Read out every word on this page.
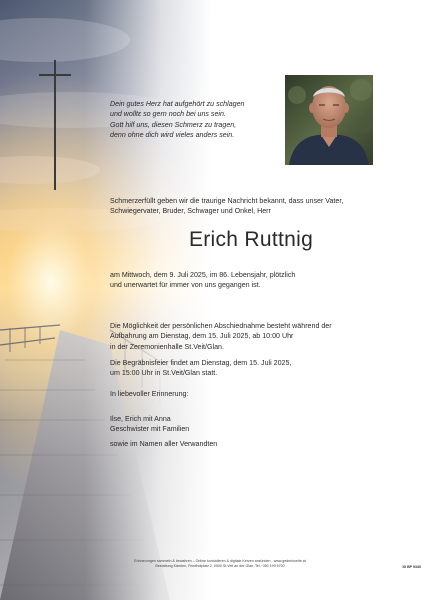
Dein gutes Herz hat aufgehört zu schlagen
und wolltε so gern noch bei uns sein.
Gott hilf uns, diesen Schmerz zu tragen,
denn ohne dich wird vieles anders sein.
Schmerzerfüllt geben wir die traurige Nachricht bekannt, dass unser Vater,
Schwiegervater, Bruder, Schwager und Onkel, Herr
Erich Ruttnig
am Mittwoch, dem 9. Juli 2025, im 86. Lebensjahr, plötzlich
und unerwartet für immer von uns gegangen ist.
Die Möglichkeit der persönlichen Abschiednahme besteht während der
Aufbahrung am Dienstag, dem 15. Juli 2025, ab 10:00 Uhr
in der Zeremonienhalle St.Veit/Glan.
Die Begräbnisfeier findet am Dienstag, dem 15. Juli 2025,
um 15:00 Uhr in St.Veit/Glan statt.
In liebevoller Erinnerung:
Ilse, Erich mit Anna
Geschwister mit Familien
sowie im Namen aller Verwandten
Erinnerungen sammeln & bewahren – Online kondolieren & digitale Kerzen anzünden - www.gedenkseite.at
Bestattung Kärnten, Friedhofplatz 2, 0000 St.Veit an der Glan, Tel.: 050 199 6700	ID BP 9340
